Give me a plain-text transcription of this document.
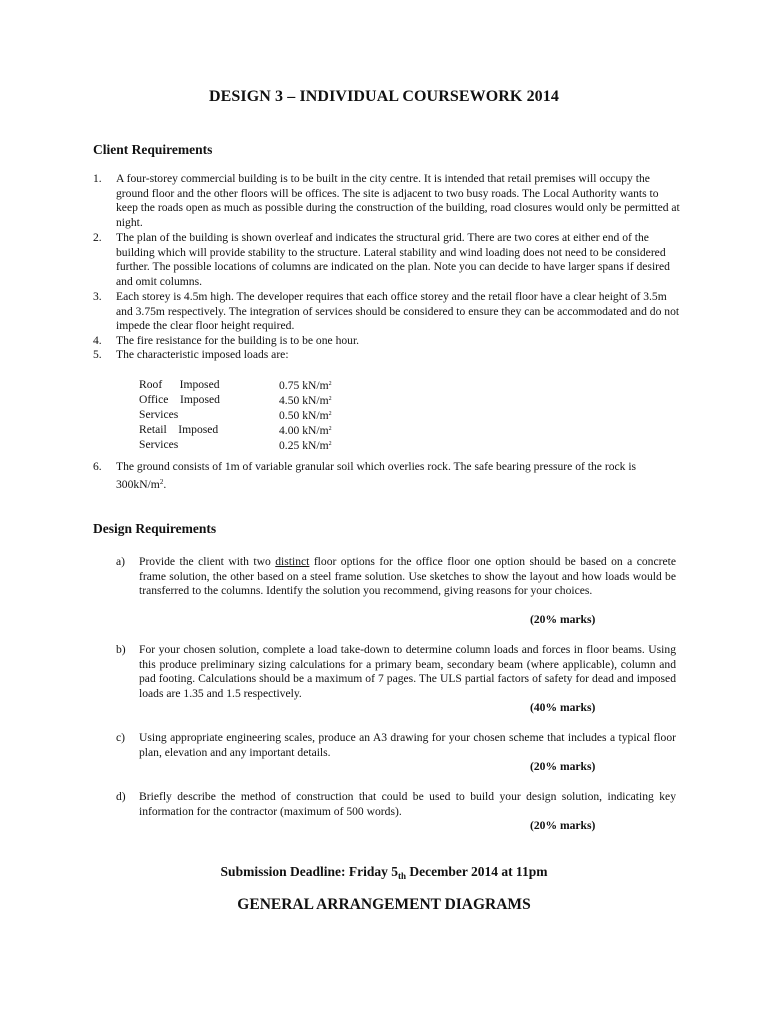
DESIGN 3 – INDIVIDUAL COURSEWORK 2014
Client Requirements
1.	A four-storey commercial building is to be built in the city centre. It is intended that retail premises will occupy the ground floor and the other floors will be offices. The site is adjacent to two busy roads. The Local Authority wants to keep the roads open as much as possible during the construction of the building, road closures would only be permitted at night.
2.	The plan of the building is shown overleaf and indicates the structural grid. There are two cores at either end of the building which will provide stability to the structure. Lateral stability and wind loading does not need to be considered further. The possible locations of columns are indicated on the plan. Note you can decide to have larger spans if desired and omit columns.
3.	Each storey is 4.5m high. The developer requires that each office storey and the retail floor have a clear height of 3.5m and 3.75m respectively. The integration of services should be considered to ensure they can be accommodated and do not impede the clear floor height required.
4.	The fire resistance for the building is to be one hour.
5.	The characteristic imposed loads are:
Roof      Imposed	0.75 $kN/m^2$
Office    Imposed	4.50 $kN/m^2$
Services	0.50 $kN/m^2$
Retail    Imposed	4.00 $kN/m^2$
Services	0.25 $kN/m^2$
6.	The ground consists of 1m of variable granular soil which overlies rock. The safe bearing pressure of the rock is $300kN/m^2$.
Design Requirements
a)	Provide the client with two distinct floor options for the office floor one option should be based on a concrete frame solution, the other based on a steel frame solution. Use sketches to show the layout and how loads would be transferred to the columns. Identify the solution you recommend, giving reasons for your choices.
(20% marks)
b)	For your chosen solution, complete a load take-down to determine column loads and forces in floor beams. Using this produce preliminary sizing calculations for a primary beam, secondary beam (where applicable), column and pad footing. Calculations should be a maximum of 7 pages. The ULS partial factors of safety for dead and imposed loads are 1.35 and 1.5 respectively.
(40% marks)
c)	Using appropriate engineering scales, produce an A3 drawing for your chosen scheme that includes a typical floor plan, elevation and any important details.
(20% marks)
d)	Briefly describe the method of construction that could be used to build your design solution, indicating key information for the contractor (maximum of 500 words).
(20% marks)
Submission Deadline: Friday $5_{th}$ December 2014 at 11pm
GENERAL ARRANGEMENT DIAGRAMS
